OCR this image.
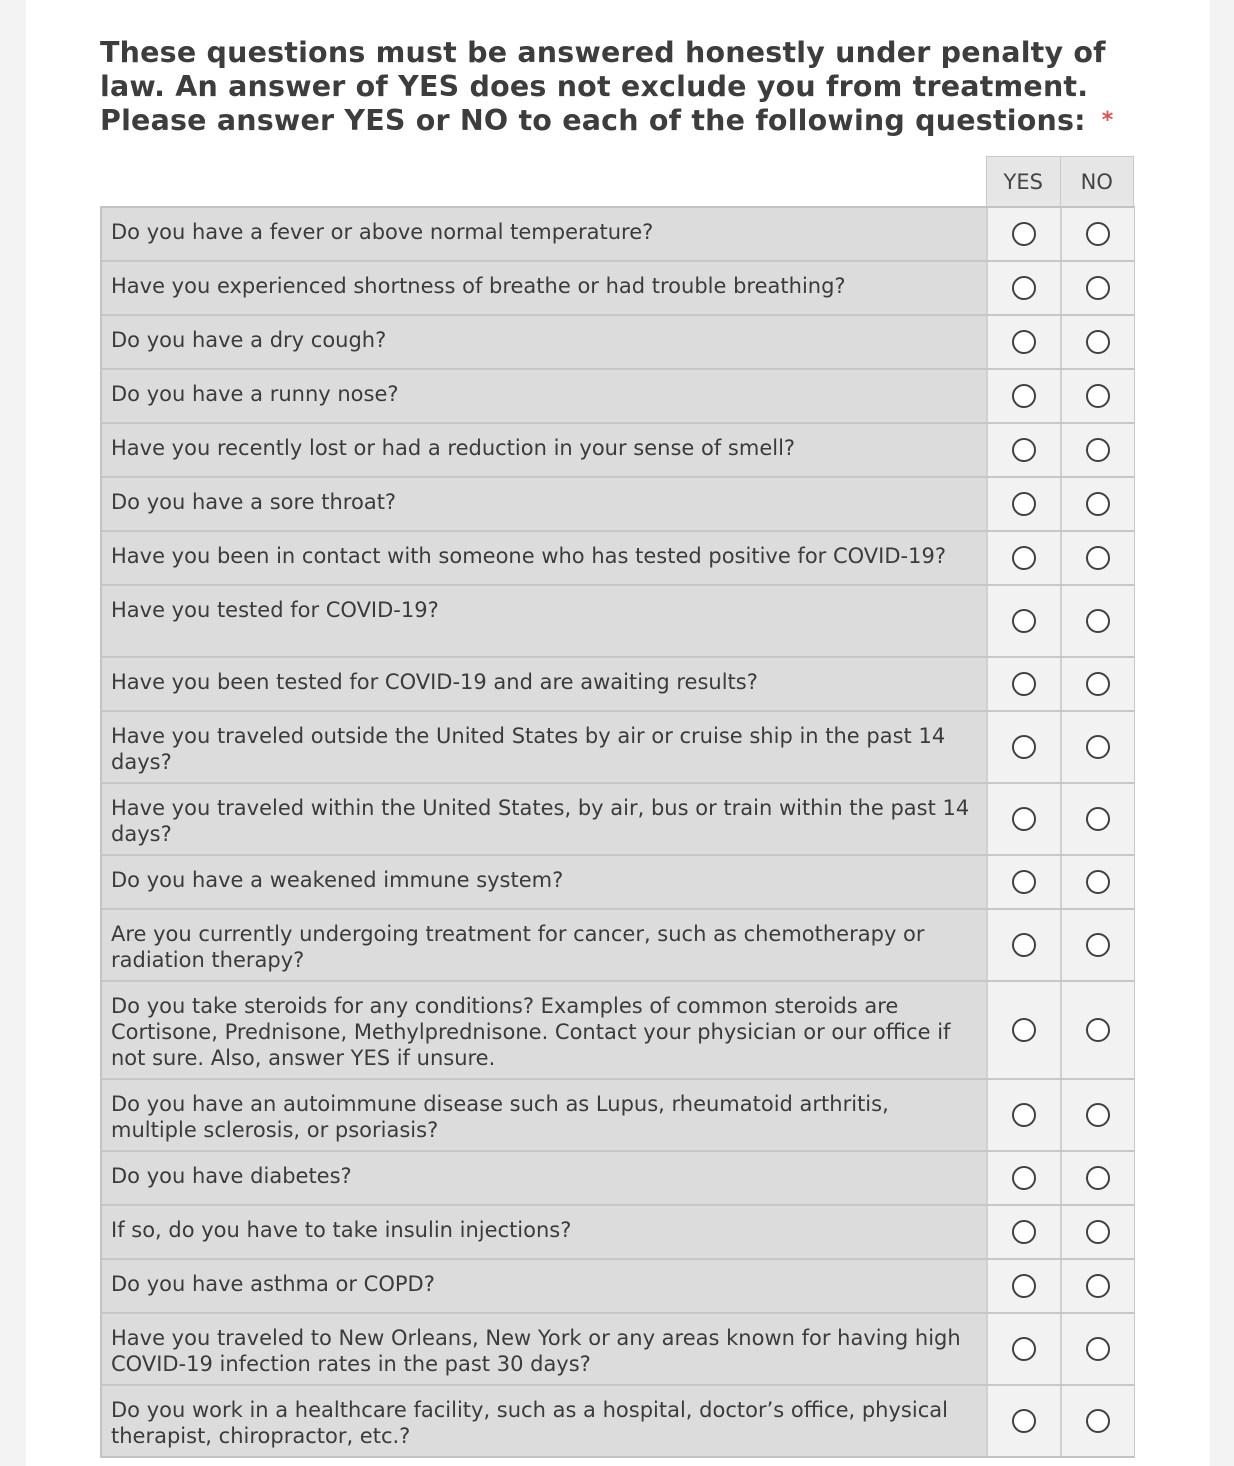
These questions must be answered honestly under penalty of law. An answer of YES does not exclude you from treatment. Please answer YES or NO to each of the following questions: *
YES	NO
Do you have a fever or above normal temperature?
Have you experienced shortness of breathe or had trouble breathing?
Do you have a dry cough?
Do you have a runny nose?
Have you recently lost or had a reduction in your sense of smell?
Do you have a sore throat?
Have you been in contact with someone who has tested positive for COVID-19?
Have you tested for COVID-19?
Have you been tested for COVID-19 and are awaiting results?
Have you traveled outside the United States by air or cruise ship in the past 14 days?
Have you traveled within the United States, by air, bus or train within the past 14 days?
Do you have a weakened immune system?
Are you currently undergoing treatment for cancer, such as chemotherapy or radiation therapy?
Do you take steroids for any conditions? Examples of common steroids are Cortisone, Prednisone, Methylprednisone. Contact your physician or our office if not sure. Also, answer YES if unsure.
Do you have an autoimmune disease such as Lupus, rheumatoid arthritis, multiple sclerosis, or psoriasis?
Do you have diabetes?
If so, do you have to take insulin injections?
Do you have asthma or COPD?
Have you traveled to New Orleans, New York or any areas known for having high COVID-19 infection rates in the past 30 days?
Do you work in a healthcare facility, such as a hospital, doctor’s office, physical therapist, chiropractor, etc.?
